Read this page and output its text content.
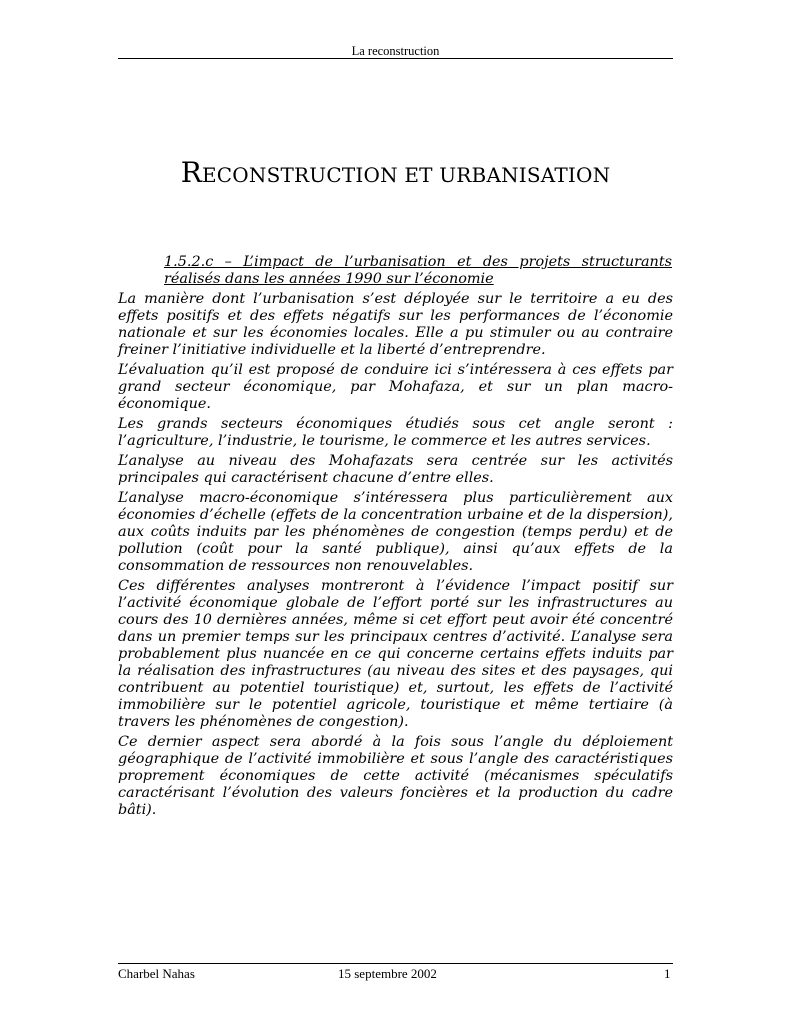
La reconstruction
RECONSTRUCTION ET URBANISATION
1.5.2.c – L’impact de l’urbanisation et des projets structurants réalisés dans les années 1990 sur l’économie

La manière dont l’urbanisation s’est déployée sur le territoire a eu des effets positifs et des effets négatifs sur les performances de l’économie nationale et sur les économies locales. Elle a pu stimuler ou au contraire freiner l’initiative individuelle et la liberté d’entreprendre.

L’évaluation qu’il est proposé de conduire ici s’intéressera à ces effets par grand secteur économique, par Mohafaza, et sur un plan macro-économique.

Les grands secteurs économiques étudiés sous cet angle seront : l’agriculture, l’industrie, le tourisme, le commerce et les autres services.

L’analyse au niveau des Mohafazats sera centrée sur les activités principales qui caractérisent chacune d’entre elles.

L’analyse macro-économique s’intéressera plus particulièrement aux économies d’échelle (effets de la concentration urbaine et de la dispersion), aux coûts induits par les phénomènes de congestion (temps perdu) et de pollution (coût pour la santé publique), ainsi qu’aux effets de la consommation de ressources non renouvelables.

Ces différentes analyses montreront à l’évidence l’impact positif sur l’activité économique globale de l’effort porté sur les infrastructures au cours des 10 dernières années, même si cet effort peut avoir été concentré dans un premier temps sur les principaux centres d’activité. L’analyse sera probablement plus nuancée en ce qui concerne certains effets induits par la réalisation des infrastructures (au niveau des sites et des paysages, qui contribuent au potentiel touristique) et, surtout, les effets de l’activité immobilière sur le potentiel agricole, touristique et même tertiaire (à travers les phénomènes de congestion).

Ce dernier aspect sera abordé à la fois sous l’angle du déploiement géographique de l’activité immobilière et sous l’angle des caractéristiques proprement économiques de cette activité (mécanismes spéculatifs caractérisant l’évolution des valeurs foncières et la production du cadre bâti).

Charbel Nahas	15 septembre 2002	1
